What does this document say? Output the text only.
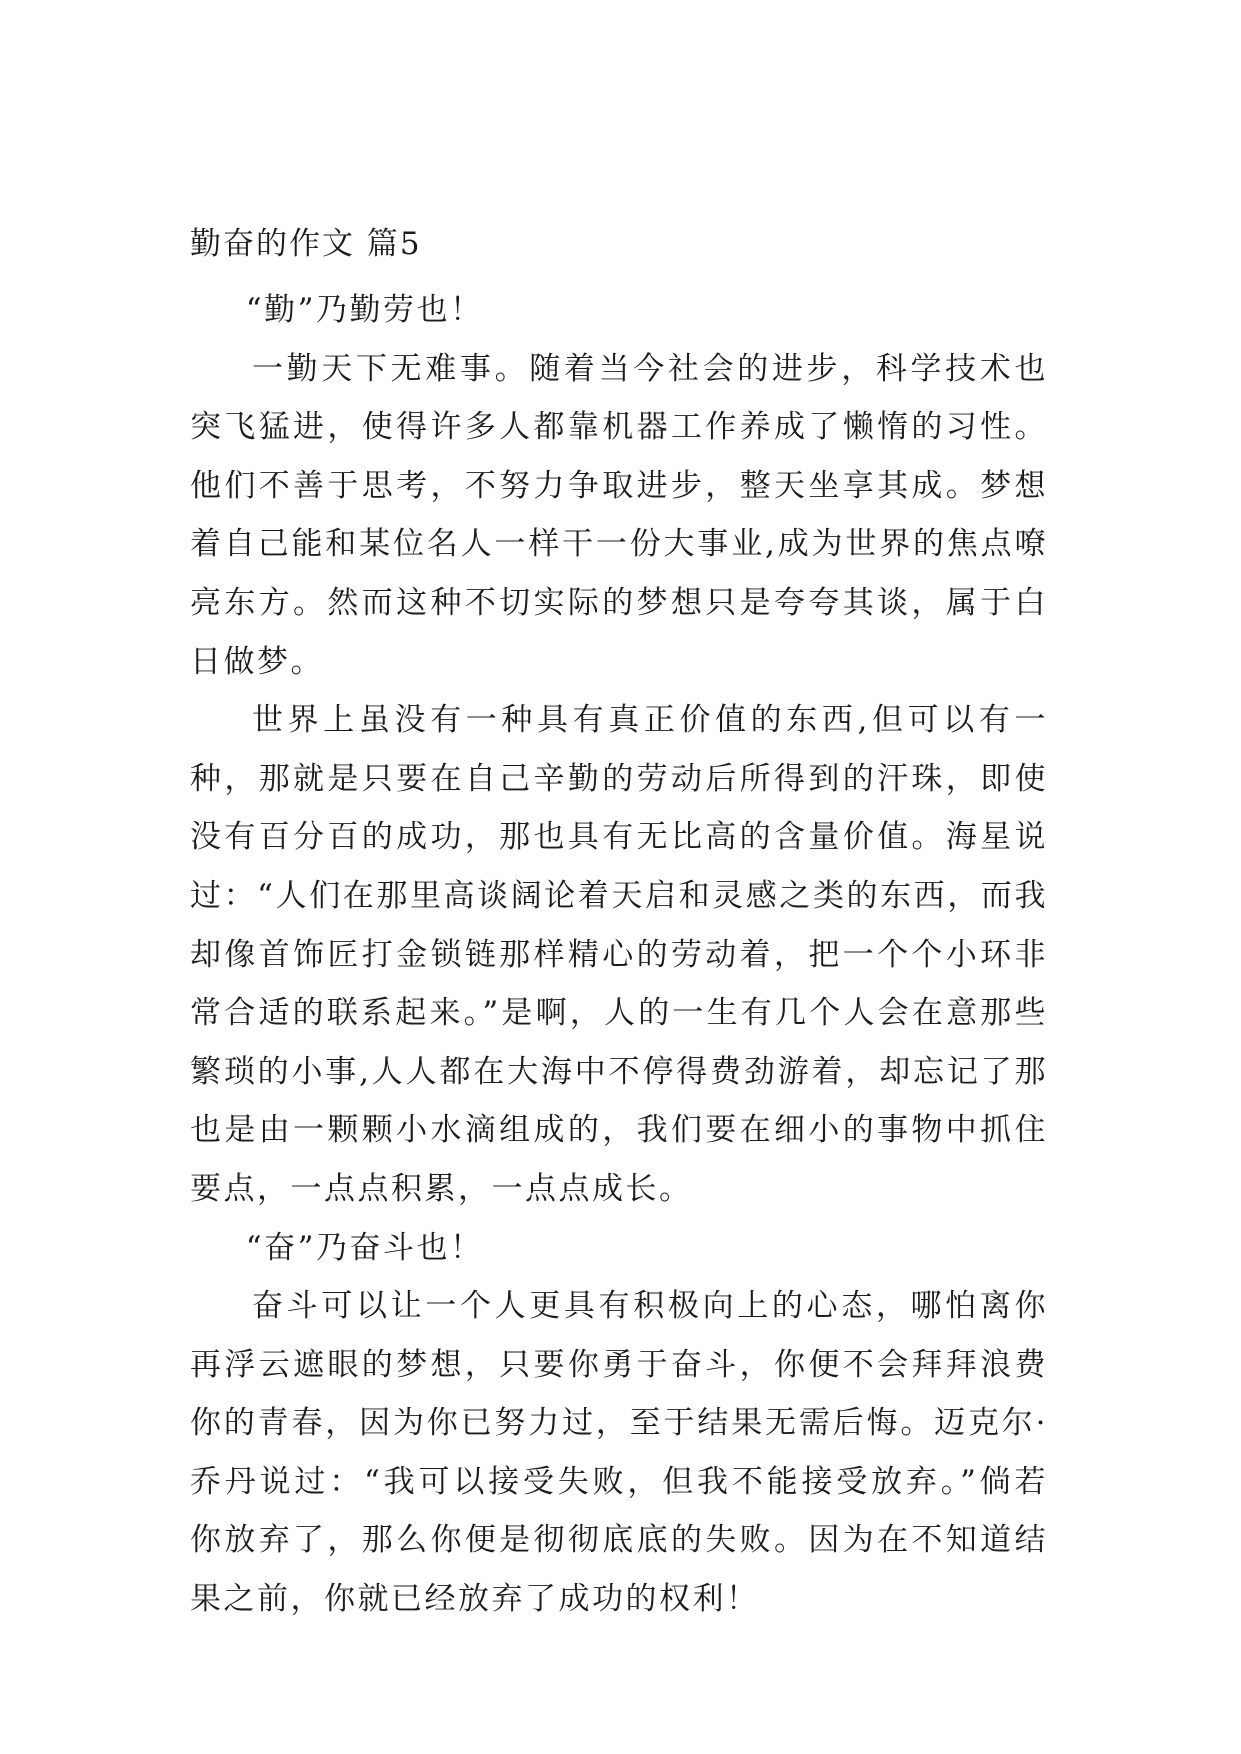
勤奋的作文 篇5

“勤”乃勤劳也！

一勤天下无难事。随着当今社会的进步，科学技术也突飞猛进，使得许多人都靠机器工作养成了懒惰的习性。他们不善于思考，不努力争取进步，整天坐享其成。梦想着自己能和某位名人一样干一份大事业,成为世界的焦点嘹亮东方。然而这种不切实际的梦想只是夸夸其谈，属于白日做梦。

世界上虽没有一种具有真正价值的东西,但可以有一种，那就是只要在自己辛勤的劳动后所得到的汗珠，即使没有百分百的成功，那也具有无比高的含量价值。海星说过：“人们在那里高谈阔论着天启和灵感之类的东西，而我却像首饰匠打金锁链那样精心的劳动着，把一个个小环非常合适的联系起来。”是啊，人的一生有几个人会在意那些繁琐的小事,人人都在大海中不停得费劲游着，却忘记了那也是由一颗颗小水滴组成的，我们要在细小的事物中抓住要点，一点点积累，一点点成长。

“奋”乃奋斗也！

奋斗可以让一个人更具有积极向上的心态，哪怕离你再浮云遮眼的梦想，只要你勇于奋斗，你便不会拜拜浪费你的青春，因为你已努力过，至于结果无需后悔。迈克尔·乔丹说过：“我可以接受失败，但我不能接受放弃。”倘若你放弃了，那么你便是彻彻底底的失败。因为在不知道结果之前，你就已经放弃了成功的权利！
